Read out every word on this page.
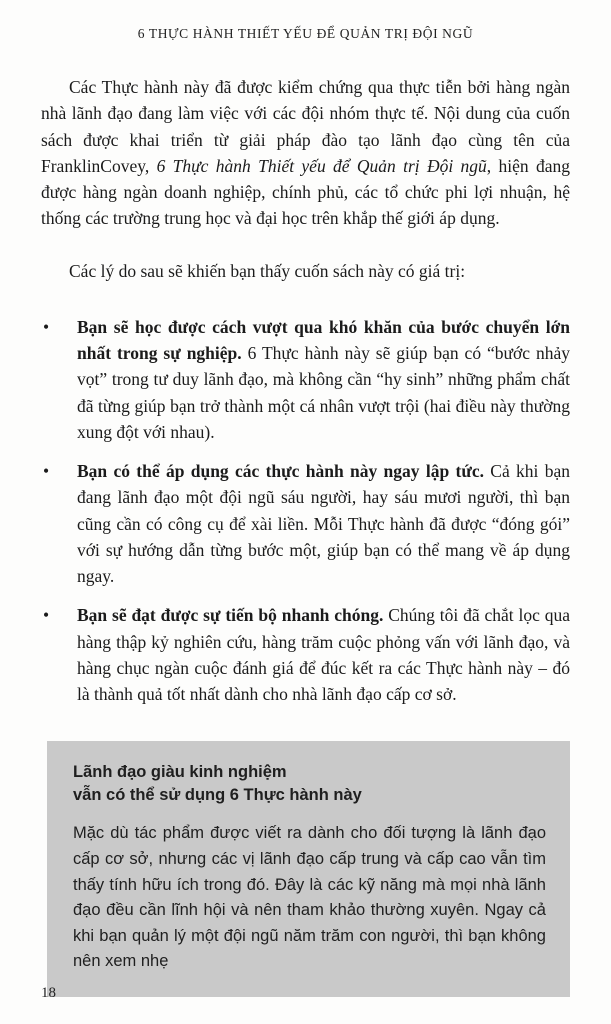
6 THỰC HÀNH THIẾT YẾU ĐỂ QUẢN TRỊ ĐỘI NGŨ

Các Thực hành này đã được kiểm chứng qua thực tiễn bởi hàng ngàn nhà lãnh đạo đang làm việc với các đội nhóm thực tế. Nội dung của cuốn sách được khai triển từ giải pháp đào tạo lãnh đạo cùng tên của FranklinCovey, 6 Thực hành Thiết yếu để Quản trị Đội ngũ, hiện đang được hàng ngàn doanh nghiệp, chính phủ, các tổ chức phi lợi nhuận, hệ thống các trường trung học và đại học trên khắp thế giới áp dụng.

Các lý do sau sẽ khiến bạn thấy cuốn sách này có giá trị:

•	Bạn sẽ học được cách vượt qua khó khăn của bước chuyển lớn nhất trong sự nghiệp. 6 Thực hành này sẽ giúp bạn có “bước nhảy vọt” trong tư duy lãnh đạo, mà không cần “hy sinh” những phẩm chất đã từng giúp bạn trở thành một cá nhân vượt trội (hai điều này thường xung đột với nhau).
•	Bạn có thể áp dụng các thực hành này ngay lập tức. Cả khi bạn đang lãnh đạo một đội ngũ sáu người, hay sáu mươi người, thì bạn cũng cần có công cụ để xài liền. Mỗi Thực hành đã được “đóng gói” với sự hướng dẫn từng bước một, giúp bạn có thể mang về áp dụng ngay.
•	Bạn sẽ đạt được sự tiến bộ nhanh chóng. Chúng tôi đã chắt lọc qua hàng thập kỷ nghiên cứu, hàng trăm cuộc phỏng vấn với lãnh đạo, và hàng chục ngàn cuộc đánh giá để đúc kết ra các Thực hành này – đó là thành quả tốt nhất dành cho nhà lãnh đạo cấp cơ sở.
Lãnh đạo giàu kinh nghiệm
vẫn có thể sử dụng 6 Thực hành này

Mặc dù tác phẩm được viết ra dành cho đối tượng là lãnh đạo cấp cơ sở, nhưng các vị lãnh đạo cấp trung và cấp cao vẫn tìm thấy tính hữu ích trong đó. Đây là các kỹ năng mà mọi nhà lãnh đạo đều cần lĩnh hội và nên tham khảo thường xuyên. Ngay cả khi bạn quản lý một đội ngũ năm trăm con người, thì bạn không nên xem nhẹ

18
